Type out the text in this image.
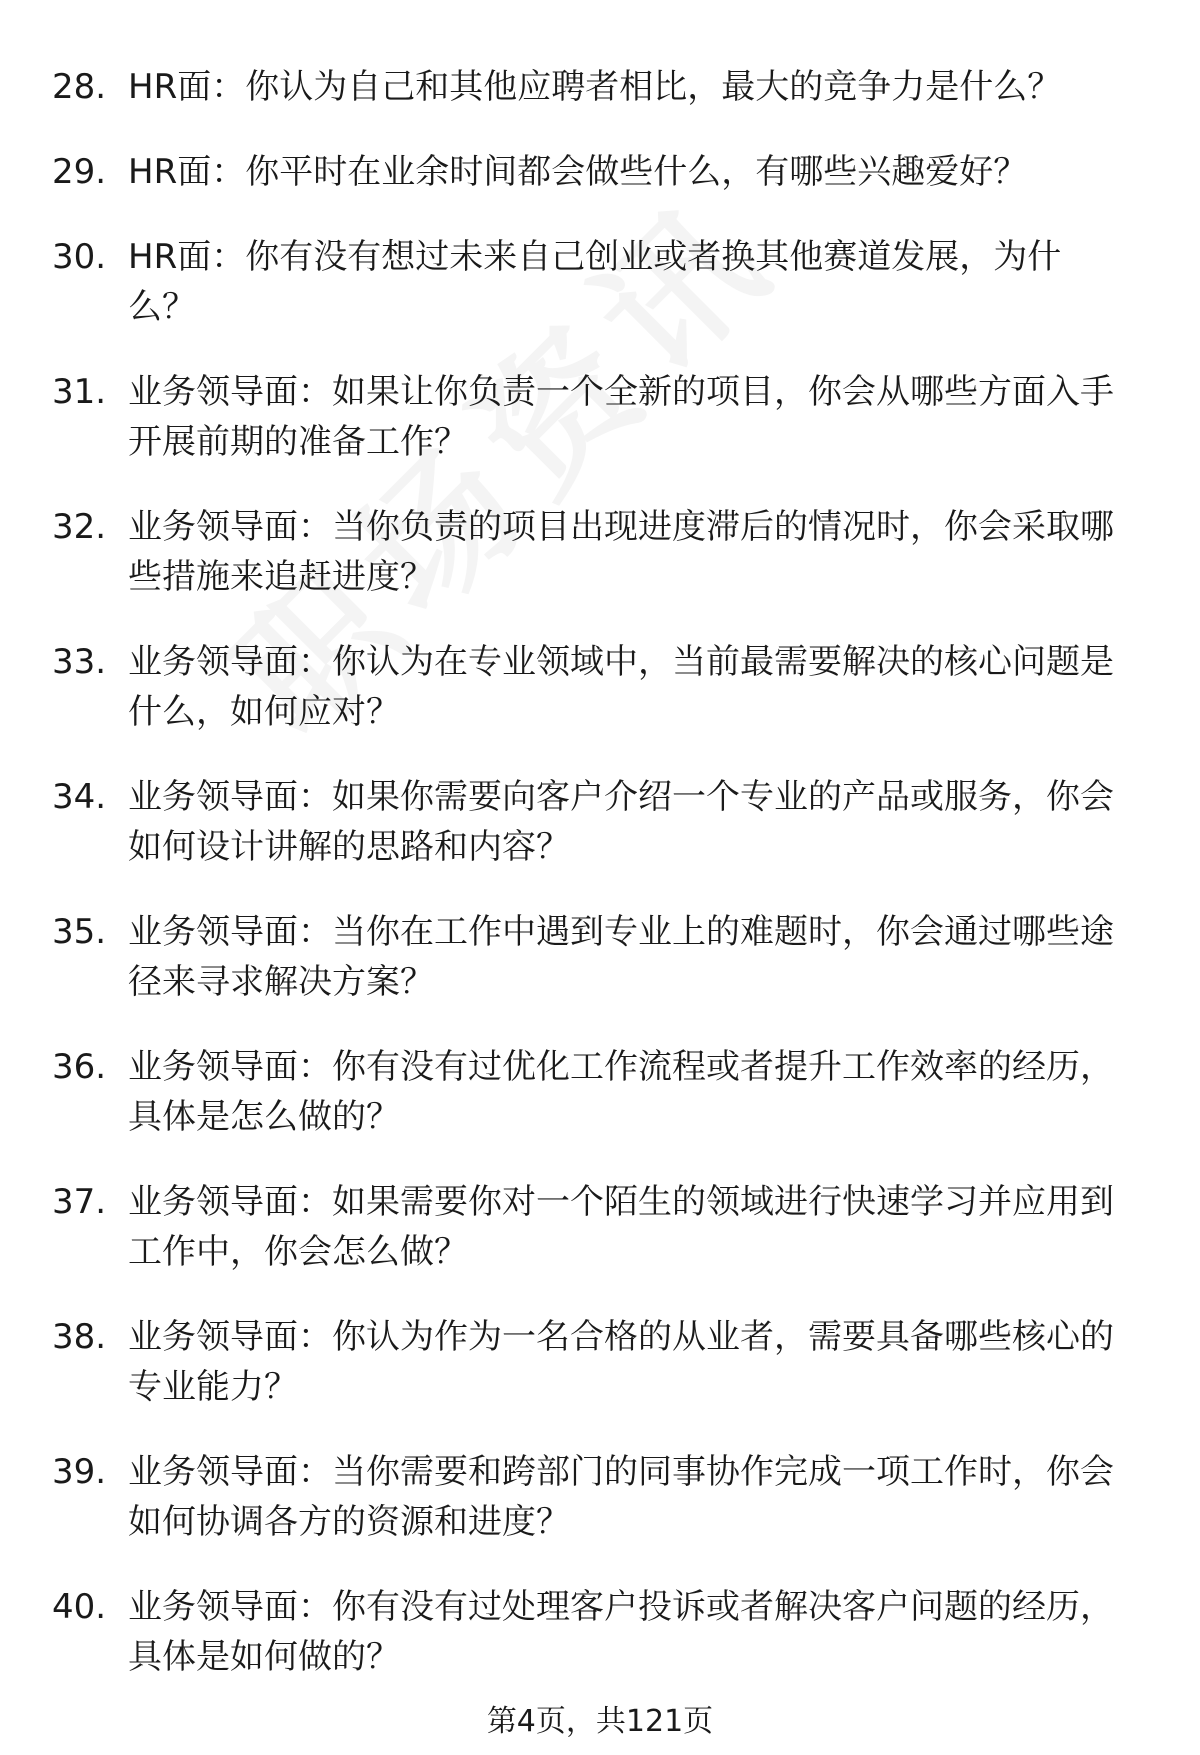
28. HR面：你认为自己和其他应聘者相比，最大的竞争力是什么？
29. HR面：你平时在业余时间都会做些什么，有哪些兴趣爱好？
30. HR面：你有没有想过未来自己创业或者换其他赛道发展，为什么？
31. 业务领导面：如果让你负责一个全新的项目，你会从哪些方面入手开展前期的准备工作？
32. 业务领导面：当你负责的项目出现进度滞后的情况时，你会采取哪些措施来追赶进度？
33. 业务领导面：你认为在专业领域中，当前最需要解决的核心问题是什么，如何应对？
34. 业务领导面：如果你需要向客户介绍一个专业的产品或服务，你会如何设计讲解的思路和内容？
35. 业务领导面：当你在工作中遇到专业上的难题时，你会通过哪些途径来寻求解决方案？
36. 业务领导面：你有没有过优化工作流程或者提升工作效率的经历，具体是怎么做的？
37. 业务领导面：如果需要你对一个陌生的领域进行快速学习并应用到工作中，你会怎么做？
38. 业务领导面：你认为作为一名合格的从业者，需要具备哪些核心的专业能力？
39. 业务领导面：当你需要和跨部门的同事协作完成一项工作时，你会如何协调各方的资源和进度？
40. 业务领导面：你有没有过处理客户投诉或者解决客户问题的经历，具体是如何做的？
第4页，共121页
